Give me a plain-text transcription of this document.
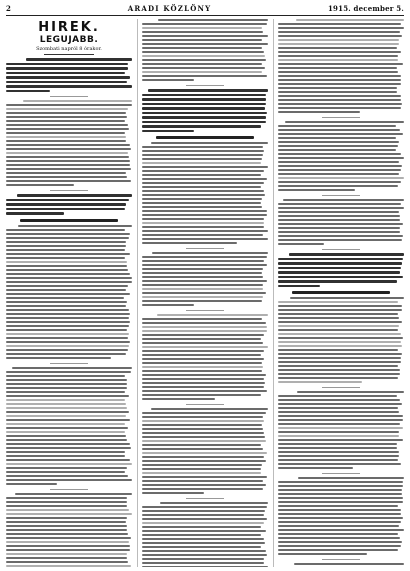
2	ARADI KÖZLÖNY	1915. december 5.
HIREK.
LEGUJABB.
Szombati napról 8 órakor.
